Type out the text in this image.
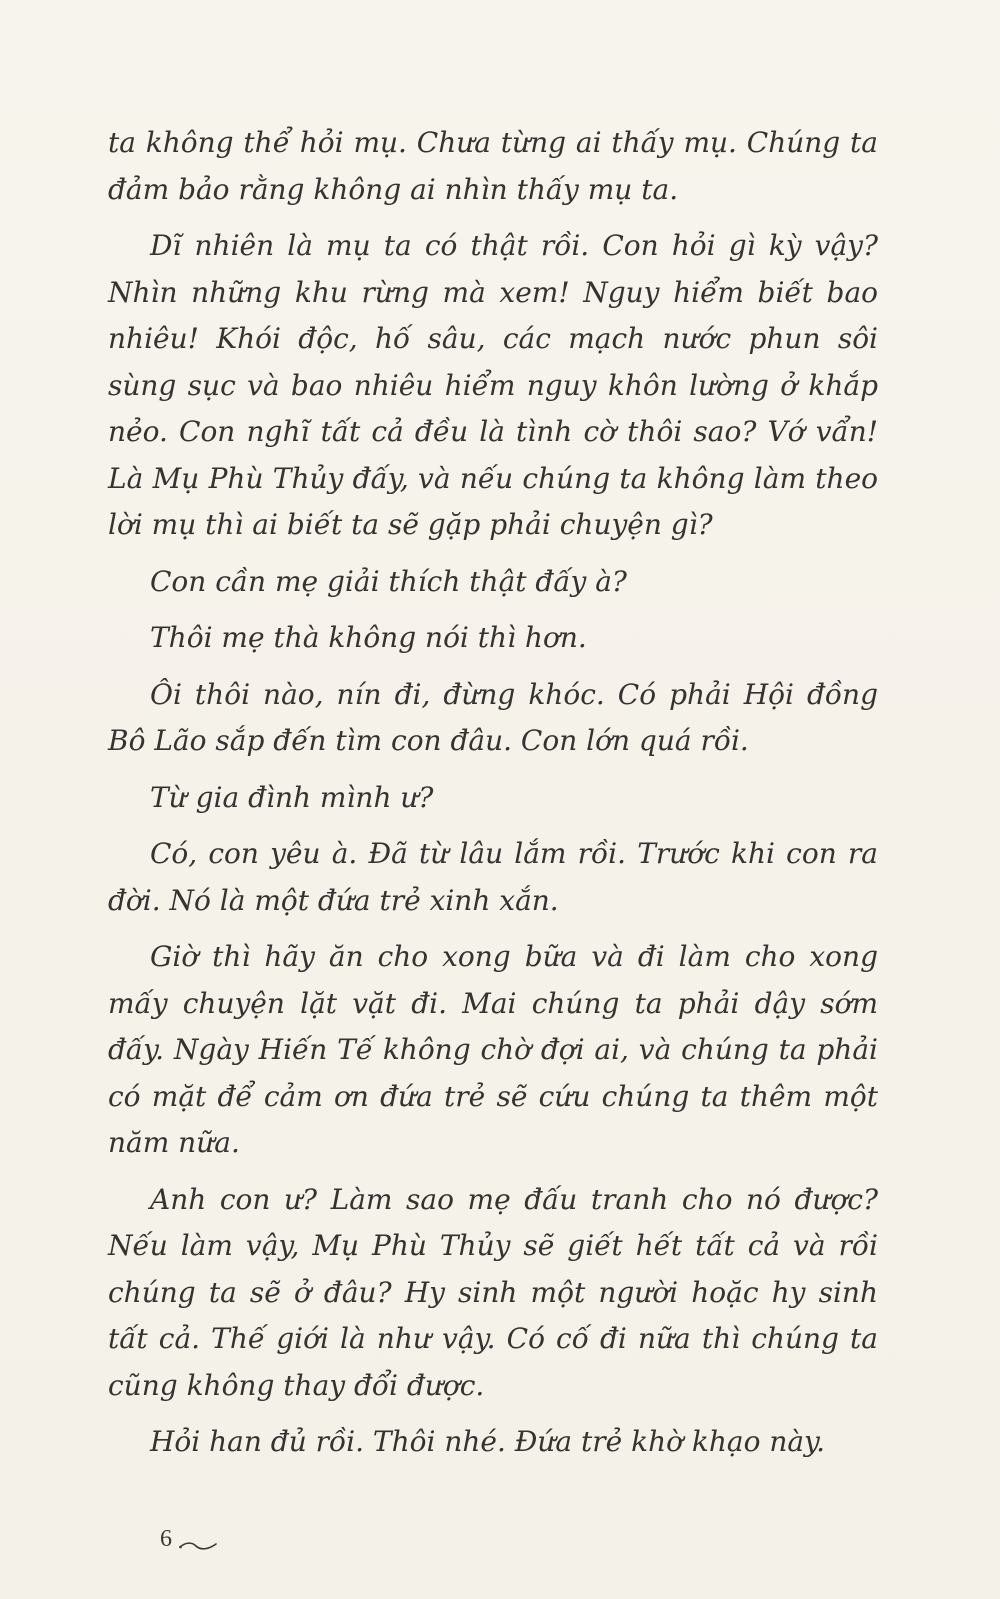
ta không thể hỏi mụ. Chưa từng ai thấy mụ. Chúng ta đảm bảo rằng không ai nhìn thấy mụ ta.

Dĩ nhiên là mụ ta có thật rồi. Con hỏi gì kỳ vậy? Nhìn những khu rừng mà xem! Nguy hiểm biết bao nhiêu! Khói độc, hố sâu, các mạch nước phun sôi sùng sục và bao nhiêu hiểm nguy khôn lường ở khắp nẻo. Con nghĩ tất cả đều là tình cờ thôi sao? Vớ vẩn! Là Mụ Phù Thủy đấy, và nếu chúng ta không làm theo lời mụ thì ai biết ta sẽ gặp phải chuyện gì?

Con cần mẹ giải thích thật đấy à?

Thôi mẹ thà không nói thì hơn.

Ôi thôi nào, nín đi, đừng khóc. Có phải Hội đồng Bô Lão sắp đến tìm con đâu. Con lớn quá rồi.

Từ gia đình mình ư?

Có, con yêu à. Đã từ lâu lắm rồi. Trước khi con ra đời. Nó là một đứa trẻ xinh xắn.

Giờ thì hãy ăn cho xong bữa và đi làm cho xong mấy chuyện lặt vặt đi. Mai chúng ta phải dậy sớm đấy. Ngày Hiến Tế không chờ đợi ai, và chúng ta phải có mặt để cảm ơn đứa trẻ sẽ cứu chúng ta thêm một năm nữa.

Anh con ư? Làm sao mẹ đấu tranh cho nó được? Nếu làm vậy, Mụ Phù Thủy sẽ giết hết tất cả và rồi chúng ta sẽ ở đâu? Hy sinh một người hoặc hy sinh tất cả. Thế giới là như vậy. Có cố đi nữa thì chúng ta cũng không thay đổi được.

Hỏi han đủ rồi. Thôi nhé. Đứa trẻ khờ khạo này.

6
